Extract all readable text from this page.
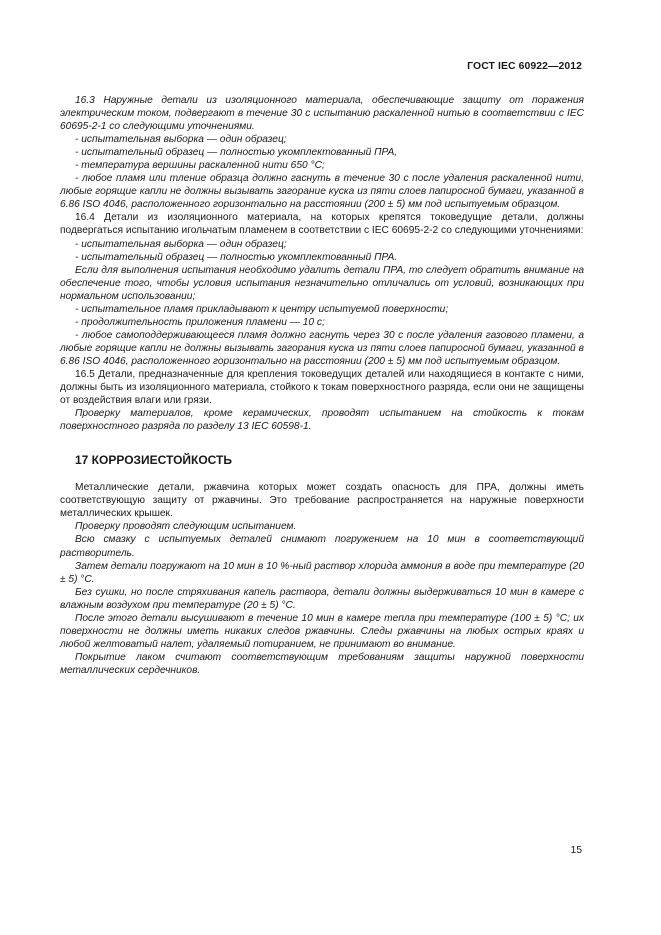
ГОСТ IEC 60922—2012

16.3 Наружные детали из изоляционного материала, обеспечивающие защиту от поражения электрическим током, подвергают в течение 30 с испытанию раскаленной нитью в соответствии с IEC 60695-2-1 со следующими уточнениями.

- испытательная выборка — один образец;

- испытательный образец — полностью укомплектованный ПРА,

- температура вершины раскаленной нити 650 °С;

- любое пламя или тление образца должно гаснуть в течение 30 с после удаления раскаленной нити, любые горящие капли не должны вызывать загорание куска из пяти слоев папиросной бумаги, указанной в 6.86 ISO 4046, расположенного горизонтально на расстоянии (200 ± 5) мм под испытуемым образцом.

16.4 Детали из изоляционного материала, на которых крепятся токоведущие детали, должны подвергаться испытанию игольчатым пламенем в соответствии с IEC 60695-2-2 со следующими уточнениями:

- испытательная выборка — один образец;

- испытательный образец — полностью укомплектованный ПРА.

Если для выполнения испытания необходимо удалить детали ПРА, то следует обратить внимание на обеспечение того, чтобы условия испытания незначительно отличались от условий, возникающих при нормальном использовании;

- испытательное пламя прикладывают к центру испытуемой поверхности;

- продолжительность приложения пламени — 10 с;

- любое самоподдерживающееся пламя должно гаснуть через 30 с после удаления газового пламени, а любые горящие капли не должны вызывать загорания куска из пяти слоев папиросной бумаги, указанной в 6.86 ISO 4046, расположенного горизонтально на расстоянии (200 ± 5) мм под испытуемым образцом.

16.5 Детали, предназначенные для крепления токоведущих деталей или находящиеся в контакте с ними, должны быть из изоляционного материала, стойкого к токам поверхностного разряда, если они не защищены от воздействия влаги или грязи.

Проверку материалов, кроме керамических, проводят испытанием на стойкость к токам поверхностного разряда по разделу 13 IEC 60598-1.

17 КОРРОЗИЕСТОЙКОСТЬ

Металлические детали, ржавчина которых может создать опасность для ПРА, должны иметь соответствующую защиту от ржавчины. Это требование распространяется на наружные поверхности металлических крышек.

Проверку проводят следующим испытанием.

Всю смазку с испытуемых деталей снимают погружением на 10 мин в соответствующий растворитель.

Затем детали погружают на 10 мин в 10 %-ный раствор хлорида аммония в воде при температуре (20 ± 5) °С.

Без сушки, но после стряхивания капель раствора, детали должны выдерживаться 10 мин в камере с влажным воздухом при температуре (20 ± 5) °С.

После этого детали высушивают в течение 10 мин в камере тепла при температуре (100 ± 5) °С; их поверхности не должны иметь никаких следов ржавчины. Следы ржавчины на любых острых краях и любой желтоватый налет, удаляемый потиранием, не принимают во внимание.

Покрытие лаком считают соответствующим требованиям защиты наружной поверхности металлических сердечников.

15
